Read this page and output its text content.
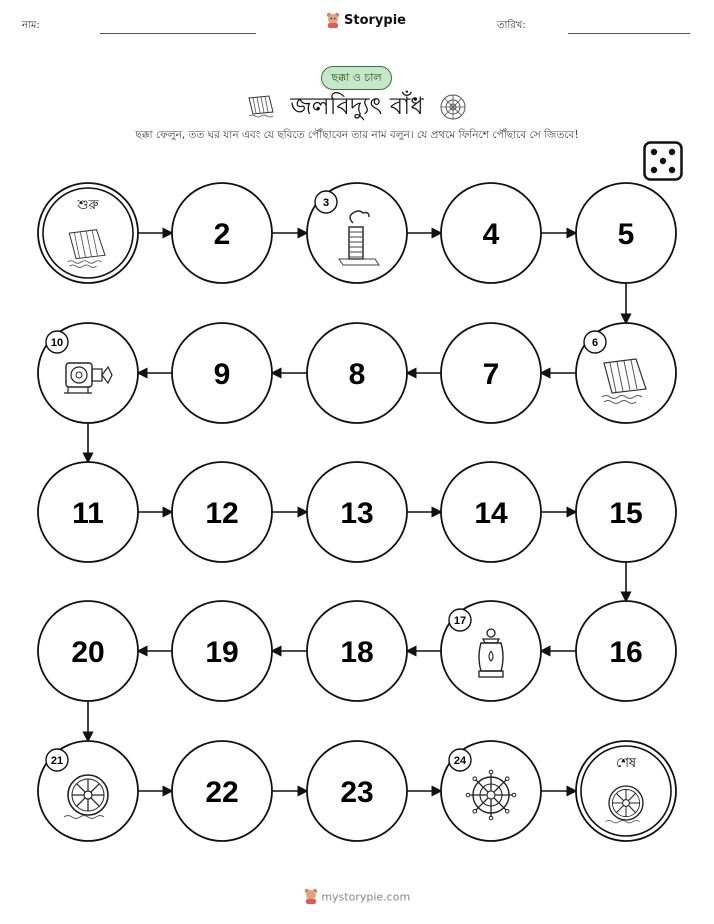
নাম:	Storypie	তারিখ:
ছক্কা ও চাল
জলবিদ্যুৎ বাঁধ
ছক্কা ফেলুন, তত ঘর যান এবং যে ছবিতে পৌঁছাবেন তার নাম বলুন। যে প্রথমে ফিনিশে পৌঁছাবে সে জিতবে!
শুরু
2
3
4	5
6
7
8
9
10
11	12	13	14	15
16
17
18
19
20
21
22	23
24	শেষ
mystorypie.com
